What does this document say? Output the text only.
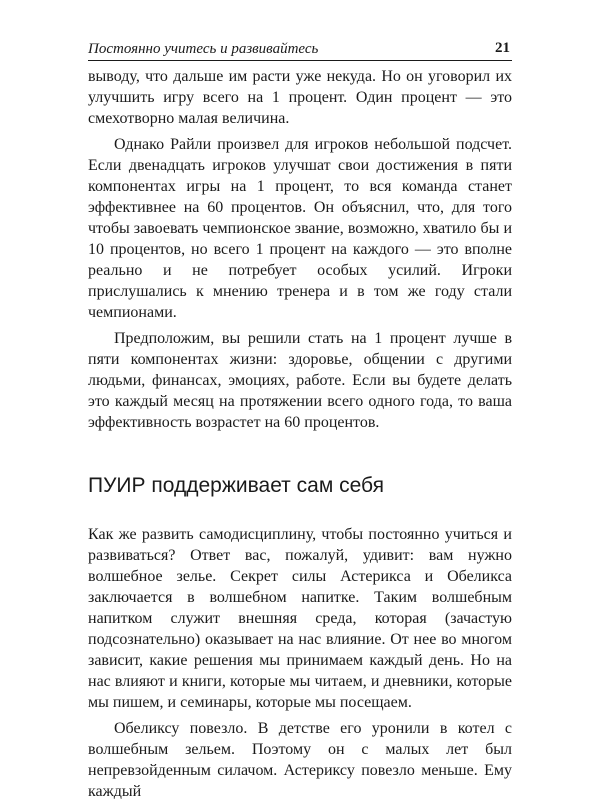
Постоянно учитесь и развивайтесь	21

выводу, что дальше им расти уже некуда. Но он уговорил их улучшить игру всего на 1 процент. Один процент — это смехотворно малая величина.

Однако Райли произвел для игроков небольшой подсчет. Если двенадцать игроков улучшат свои достижения в пяти компонентах игры на 1 процент, то вся команда станет эффективнее на 60 процентов. Он объяснил, что, для того чтобы завоевать чемпионское звание, возможно, хватило бы и 10 процентов, но всего 1 процент на каждого — это вполне реально и не потребует особых усилий. Игроки прислушались к мнению тренера и в том же году стали чемпионами.

Предположим, вы решили стать на 1 процент лучше в пяти компонентах жизни: здоровье, общении с другими людьми, финансах, эмоциях, работе. Если вы будете делать это каждый месяц на протяжении всего одного года, то ваша эффективность возрастет на 60 процентов.

ПУИР поддерживает сам себя

Как же развить самодисциплину, чтобы постоянно учиться и развиваться? Ответ вас, пожалуй, удивит: вам нужно волшебное зелье. Секрет силы Астерикса и Обеликса заключается в волшебном напитке. Таким волшебным напитком служит внешняя среда, которая (зачастую подсознательно) оказывает на нас влияние. От нее во многом зависит, какие решения мы принимаем каждый день. Но на нас влияют и книги, которые мы читаем, и дневники, которые мы пишем, и семинары, которые мы посещаем.

Обеликсу повезло. В детстве его уронили в котел с волшебным зельем. Поэтому он с малых лет был непревзойденным силачом. Астериксу повезло меньше. Ему каждый
